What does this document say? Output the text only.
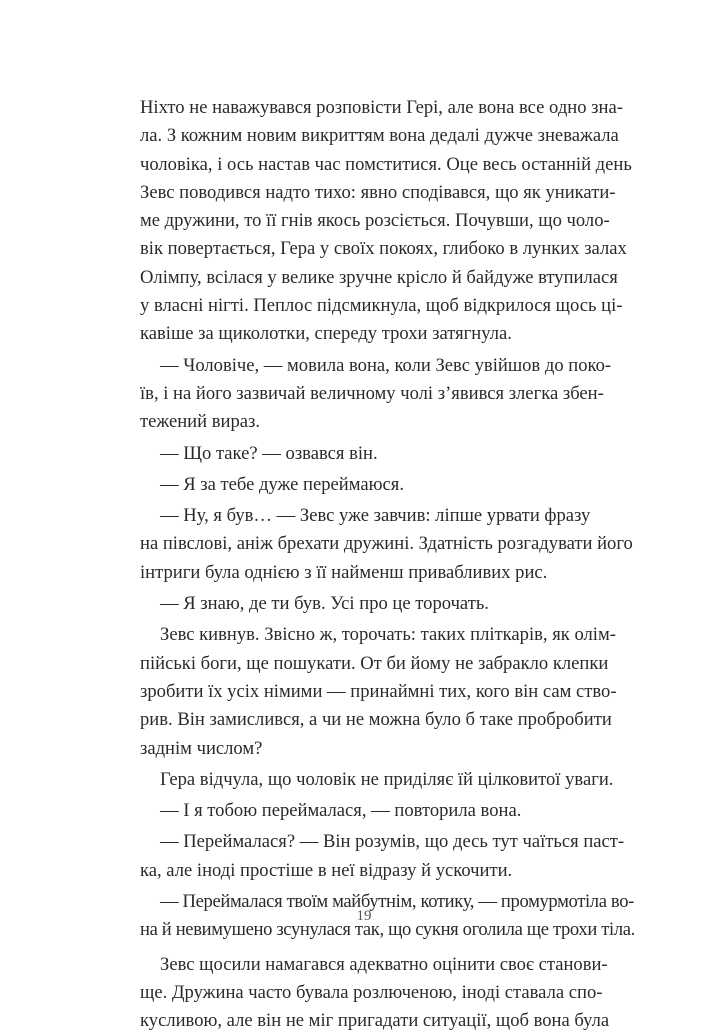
Ніхто не наважувався розповісти Гері, але вона все одно зна-
ла. З кожним новим викриттям вона дедалі дужче зневажала
чоловіка, і ось настав час помститися. Оце весь останній день
Зевс поводився надто тихо: явно сподівався, що як уникати-
ме дружини, то її гнів якось розсіється. Почувши, що чоло-
вік повертається, Гера у своїх покоях, глибоко в лункиx залах
Олімпу, всілася у велике зручне крісло й байдуже втупилася
у власні нігті. Пеплос підсмикнула, щоб відкрилося щось ці-
кавіше за щиколотки, спереду трохи затягнула.
— Чоловіче, — мовила вона, коли Зевс увійшов до поко-
їв, і на його зазвичай величному чолі з’явився злегка збен-
тежений вираз.
— Що таке? — озвався він.
— Я за тебе дуже переймаюся.
— Ну, я був… — Зевс уже завчив: ліпше урвати фразу
на півслові, аніж брехати дружині. Здатність розгадувати його
інтриги була однією з її найменш привабливих рис.
— Я знаю, де ти був. Усі про це торочать.
Зевс кивнув. Звісно ж, торочать: таких пліткарів, як олім-
пійські боги, ще пошукати. От би йому не забракло клепки
зробити їх усіх німими — принаймні тих, кого він сам ство-
рив. Він замислився, а чи не можна було б таке пробробити
заднім числом?
Гера відчула, що чоловік не приділяє їй цілковитої уваги.
— І я тобою переймалася, — повторила вона.
— Переймалася? — Він розумів, що десь тут чаїться паст-
ка, але іноді простіше в неї відразу й ускочити.
— Переймалася твоїм майбутнім, котику, — промурмотіла во-
на й невимушено зсунулася так, що сукня оголила ще трохи тіла.
Зевс щосили намагався адекватно оцінити своє станови-
ще. Дружина часто бувала розлюченою, іноді ставала спо-
кусливою, але він не міг пригадати ситуації, щоб вона була
19
